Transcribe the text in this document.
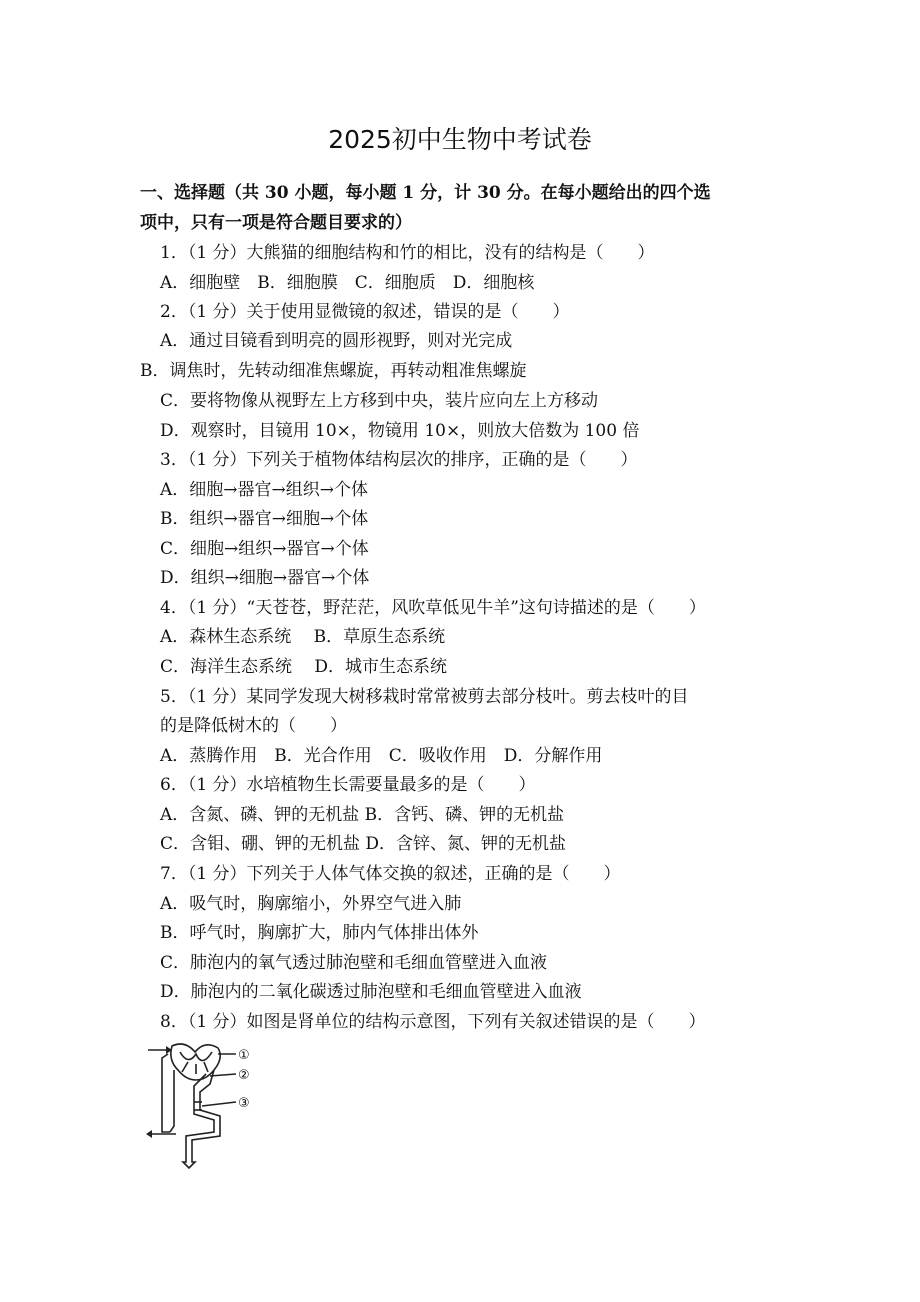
2025初中生物中考试卷
一、选择题（共 30 小题，每小题 1 分，计 30 分。在每小题给出的四个选
项中，只有一项是符合题目要求的）
1．（1 分）大熊猫的细胞结构和竹的相比，没有的结构是（　　）
A．细胞壁　B．细胞膜　C．细胞质　D．细胞核
2．（1 分）关于使用显微镜的叙述，错误的是（　　）
A．通过目镜看到明亮的圆形视野，则对光完成
B．调焦时，先转动细准焦螺旋，再转动粗准焦螺旋
C．要将物像从视野左上方移到中央，装片应向左上方移动
D．观察时，目镜用 10×，物镜用 10×，则放大倍数为 100 倍
3．（1 分）下列关于植物体结构层次的排序，正确的是（　　）
A．细胞→器官→组织→个体
B．组织→器官→细胞→个体
C．细胞→组织→器官→个体
D．组织→细胞→器官→个体
4．（1 分）“天苍苍，野茫茫，风吹草低见牛羊”这句诗描述的是（　　）
A．森林生态系统　 B．草原生态系统
C．海洋生态系统　 D．城市生态系统
5．（1 分）某同学发现大树移栽时常常被剪去部分枝叶。剪去枝叶的目
的是降低树木的（　　）
A．蒸腾作用　B．光合作用　C．吸收作用　D．分解作用
6．（1 分）水培植物生长需要量最多的是（　　）
A．含氮、磷、钾的无机盐 B．含钙、磷、钾的无机盐
C．含钼、硼、钾的无机盐 D．含锌、氮、钾的无机盐
7．（1 分）下列关于人体气体交换的叙述，正确的是（　　）
A．吸气时，胸廓缩小，外界空气进入肺
B．呼气时，胸廓扩大，肺内气体排出体外
C．肺泡内的氧气透过肺泡壁和毛细血管壁进入血液
D．肺泡内的二氧化碳透过肺泡壁和毛细血管壁进入血液
8．（1 分）如图是肾单位的结构示意图，下列有关叙述错误的是（　　）
①
②
③
